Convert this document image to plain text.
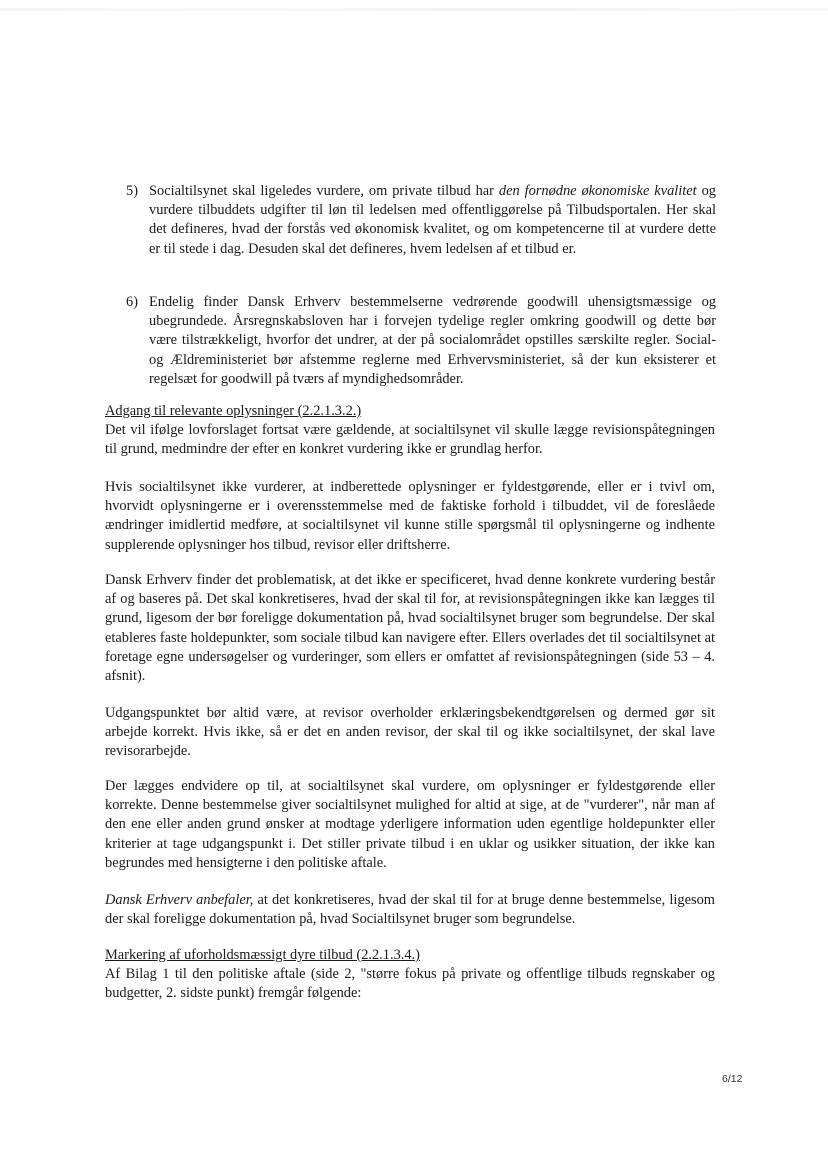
5) Socialtilsynet skal ligeledes vurdere, om private tilbud har den fornødne økonomiske kvalitet og vurdere tilbuddets udgifter til løn til ledelsen med offentliggørelse på Tilbudsportalen. Her skal det defineres, hvad der forstås ved økonomisk kvalitet, og om kompetencerne til at vurdere dette er til stede i dag. Desuden skal det defineres, hvem ledelsen af et tilbud er.

6) Endelig finder Dansk Erhverv bestemmelserne vedrørende goodwill uhensigtsmæssige og ubegrundede. Årsregnskabsloven har i forvejen tydelige regler omkring goodwill og dette bør være tilstrækkeligt, hvorfor det undrer, at der på socialområdet opstilles særskilte regler. Social- og Ældreministeriet bør afstemme reglerne med Erhvervsministeriet, så der kun eksisterer et regelsæt for goodwill på tværs af myndighedsområder.

Adgang til relevante oplysninger (2.2.1.3.2.)

Det vil ifølge lovforslaget fortsat være gældende, at socialtilsynet vil skulle lægge revisionspåtegningen til grund, medmindre der efter en konkret vurdering ikke er grundlag herfor.

Hvis socialtilsynet ikke vurderer, at indberettede oplysninger er fyldestgørende, eller er i tvivl om, hvorvidt oplysningerne er i overensstemmelse med de faktiske forhold i tilbuddet, vil de foreslåede ændringer imidlertid medføre, at socialtilsynet vil kunne stille spørgsmål til oplysningerne og indhente supplerende oplysninger hos tilbud, revisor eller driftsherre.

Dansk Erhverv finder det problematisk, at det ikke er specificeret, hvad denne konkrete vurdering består af og baseres på. Det skal konkretiseres, hvad der skal til for, at revisionspåtegningen ikke kan lægges til grund, ligesom der bør foreligge dokumentation på, hvad socialtilsynet bruger som begrundelse. Der skal etableres faste holdepunkter, som sociale tilbud kan navigere efter. Ellers overlades det til socialtilsynet at foretage egne undersøgelser og vurderinger, som ellers er omfattet af revisionspåtegningen (side 53 – 4. afsnit).

Udgangspunktet bør altid være, at revisor overholder erklæringsbekendtgørelsen og dermed gør sit arbejde korrekt. Hvis ikke, så er det en anden revisor, der skal til og ikke socialtilsynet, der skal lave revisorarbejde.

Der lægges endvidere op til, at socialtilsynet skal vurdere, om oplysninger er fyldestgørende eller korrekte. Denne bestemmelse giver socialtilsynet mulighed for altid at sige, at de "vurderer", når man af den ene eller anden grund ønsker at modtage yderligere information uden egentlige holdepunkter eller kriterier at tage udgangspunkt i. Det stiller private tilbud i en uklar og usikker situation, der ikke kan begrundes med hensigterne i den politiske aftale.

Dansk Erhverv anbefaler, at det konkretiseres, hvad der skal til for at bruge denne bestemmelse, ligesom der skal foreligge dokumentation på, hvad Socialtilsynet bruger som begrundelse.

Markering af uforholdsmæssigt dyre tilbud (2.2.1.3.4.)

Af Bilag 1 til den politiske aftale (side 2, "større fokus på private og offentlige tilbuds regnskaber og budgetter, 2. sidste punkt) fremgår følgende:

6/12
